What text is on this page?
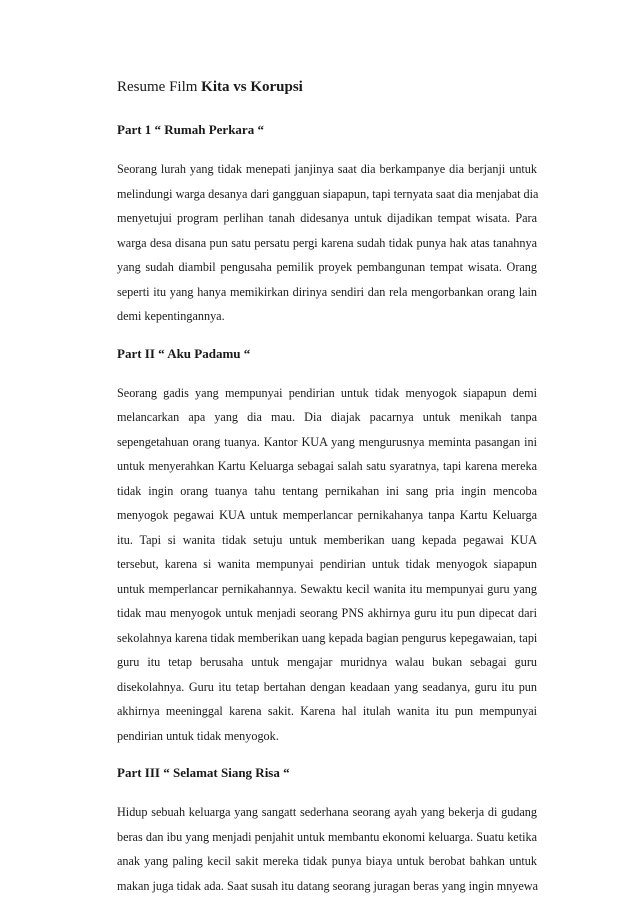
Resume Film Kita vs Korupsi
Part 1 “ Rumah Perkara “
Seorang lurah yang tidak menepati janjinya saat dia berkampanye dia berjanji untuk
melindungi warga desanya dari gangguan siapapun, tapi ternyata saat dia menjabat dia
menyetujui program perlihan tanah didesanya untuk dijadikan tempat wisata. Para
warga desa disana pun satu persatu pergi karena sudah tidak punya hak atas tanahnya
yang sudah diambil pengusaha pemilik proyek pembangunan tempat wisata. Orang
seperti itu yang hanya memikirkan dirinya sendiri dan rela mengorbankan orang lain
demi kepentingannya.
Part II “ Aku Padamu “
Seorang gadis yang mempunyai pendirian untuk tidak menyogok siapapun demi
melancarkan apa yang dia mau. Dia diajak pacarnya untuk menikah tanpa
sepengetahuan orang tuanya. Kantor KUA yang mengurusnya meminta pasangan ini
untuk menyerahkan Kartu Keluarga sebagai salah satu syaratnya, tapi karena mereka
tidak ingin orang tuanya tahu tentang pernikahan ini sang pria ingin mencoba
menyogok pegawai KUA untuk memperlancar pernikahanya tanpa Kartu Keluarga
itu. Tapi si wanita tidak setuju untuk memberikan uang kepada pegawai KUA
tersebut, karena si wanita mempunyai pendirian untuk tidak menyogok siapapun
untuk memperlancar pernikahannya. Sewaktu kecil wanita itu mempunyai guru yang
tidak mau menyogok untuk menjadi seorang PNS akhirnya guru itu pun dipecat dari
sekolahnya karena tidak memberikan uang kepada bagian pengurus kepegawaian, tapi
guru itu tetap berusaha untuk mengajar muridnya walau bukan sebagai guru
disekolahnya. Guru itu tetap bertahan dengan keadaan yang seadanya, guru itu pun
akhirnya meeninggal karena sakit. Karena hal itulah wanita itu pun mempunyai
pendirian untuk tidak menyogok.
Part III “ Selamat Siang Risa “
Hidup sebuah keluarga yang sangatt sederhana seorang ayah yang bekerja di gudang
beras dan ibu yang menjadi penjahit untuk membantu ekonomi keluarga. Suatu ketika
anak yang paling kecil sakit mereka tidak punya biaya untuk berobat bahkan untuk
makan juga tidak ada. Saat susah itu datang seorang juragan beras yang ingin mnyewa
